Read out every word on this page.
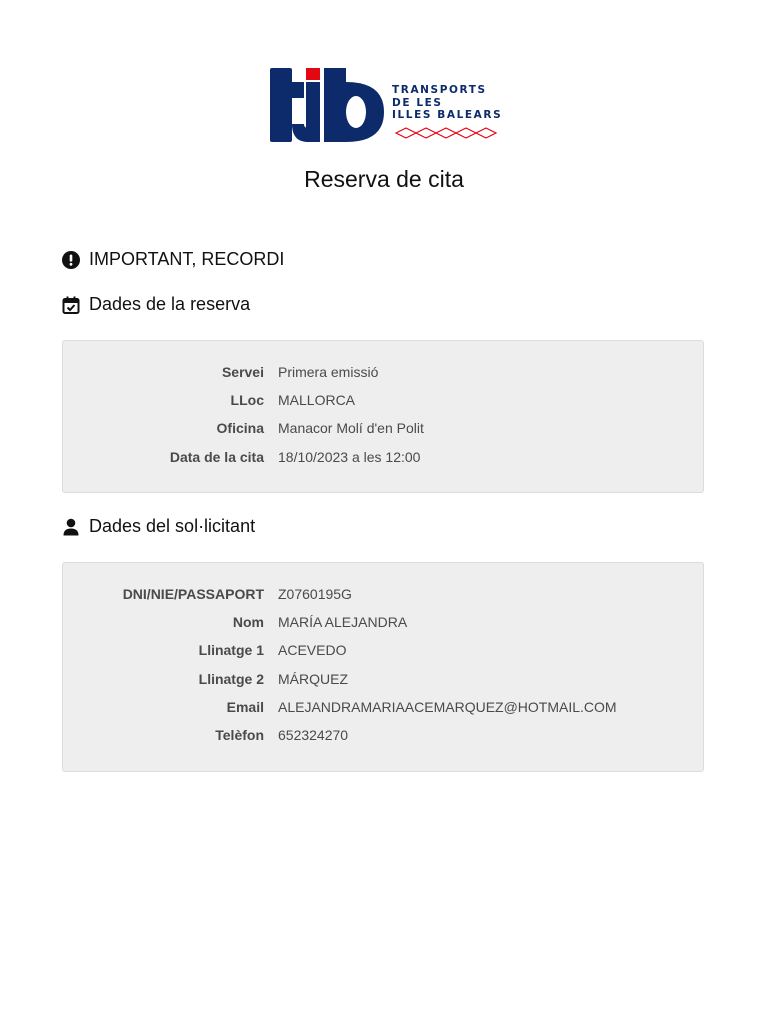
TRANSPORTS
DE LES
ILLES BALEARS
Reserva de cita
IMPORTANT, RECORDI
Dades de la reserva
Servei	Primera emissió
LLoc	MALLORCA
Oficina	Manacor Molí d'en Polit
Data de la cita	18/10/2023 a les 12:00
Dades del sol·licitant
DNI/NIE/PASSAPORT	Z0760195G
Nom	MARÍA ALEJANDRA
Llinatge 1	ACEVEDO
Llinatge 2	MÁRQUEZ
Email	ALEJANDRAMARIAACEMARQUEZ@HOTMAIL.COM
Telèfon	652324270
